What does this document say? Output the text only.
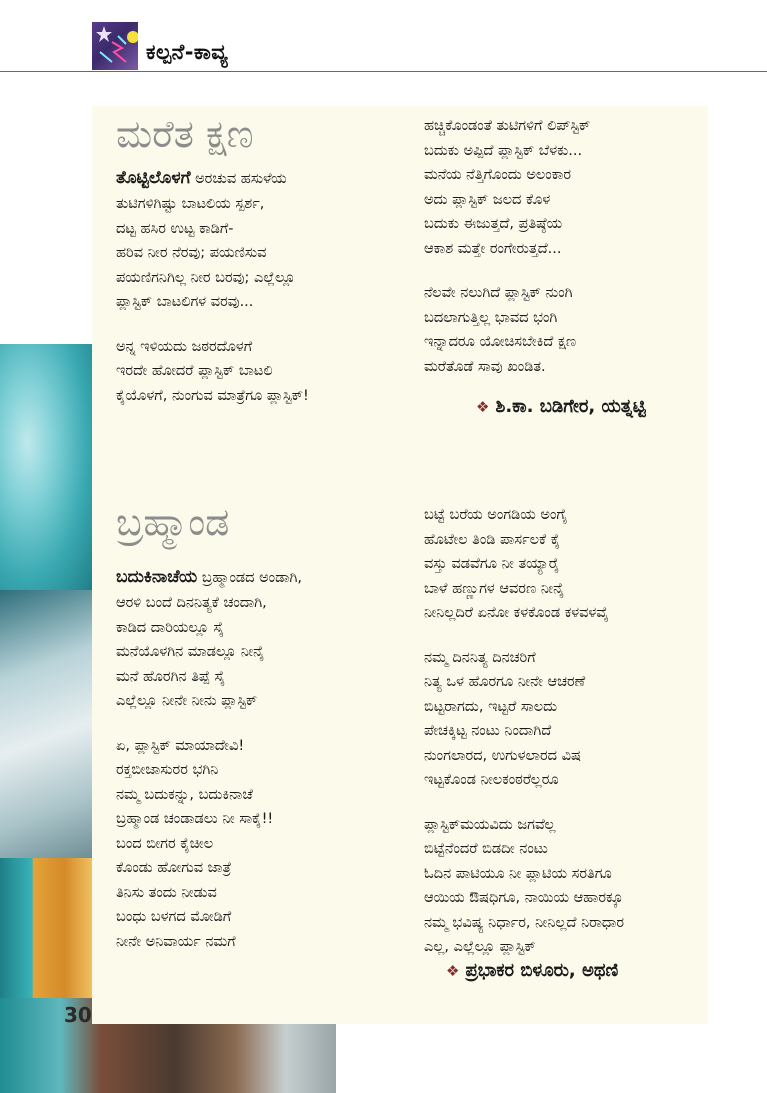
ಕಲ್ಪನೆ-ಕಾವ್ಯ
30
ಮರೆತ ಕ್ಷಣ
ತೊಟ್ಟಿಲೊಳಗೆ ಅರಚುವ ಹಸುಳೆಯ
ತುಟಿಗಳಿಗಿಷ್ಟು ಬಾಟಲಿಯ ಸ್ಪರ್ಶ,
ದಟ್ಟ ಹಸಿರ ಉಟ್ಟ ಕಾಡಿಗೆ-
ಹರಿವ ನೀರ ನೆರವು; ಪಯಣಿಸುವ
ಪಯಣಿಗನಿಗಿಲ್ಲ ನೀರ ಬರವು; ಎಲ್ಲೆಲ್ಲೂ
ಪ್ಲಾಸ್ಟಿಕ್ ಬಾಟಲಿಗಳ ವರವು...
ಅನ್ನ ಇಳಿಯದು ಜಠರದೊಳಗೆ
ಇರದೇ ಹೋದರೆ ಪ್ಲಾಸ್ಟಿಕ್ ಬಾಟಲಿ
ಕೈಯೊಳಗೆ, ನುಂಗುವ ಮಾತ್ರೆಗೂ ಪ್ಲಾಸ್ಟಿಕ್!
ಹಚ್ಚಿಕೊಂಡಂತೆ ತುಟಿಗಳಿಗೆ ಲಿಪ್‌ಸ್ಟಿಕ್
ಬದುಕು ಅಪ್ಪಿದೆ ಪ್ಲಾಸ್ಟಿಕ್ ಬೆಳಕು...
ಮನೆಯ ನೆತ್ತಿಗೊಂದು ಅಲಂಕಾರ
ಅದು ಪ್ಲಾಸ್ಟಿಕ್ ಜಲದ ಕೊಳ
ಬದುಕು ಈಜುತ್ತದೆ, ಪ್ರತಿಷ್ಠೆಯ
ಆಕಾಶ ಮತ್ತೇ ರಂಗೇರುತ್ತದೆ...
ನೆಲವೇ ನಲುಗಿದೆ ಪ್ಲಾಸ್ಟಿಕ್ ನುಂಗಿ
ಬದಲಾಗುತ್ತಿಲ್ಲ ಭಾವದ ಭಂಗಿ
ಇನ್ನಾದರೂ ಯೋಚಿಸಬೇಕಿದೆ ಕ್ಷಣ
ಮರೆತೊಡೆ ಸಾವು ಖಂಡಿತ.
❖ ಶಿ.ಕಾ. ಬಡಿಗೇರ, ಯತ್ನಟ್ಟಿ
ಬ್ರಹ್ಮಾಂಡ
ಬದುಕಿನಾಚೆಯ ಬ್ರಹ್ಮಾಂಡದ ಅಂಡಾಗಿ,
ಆರಳಿ ಬಂದೆ ದಿನನಿತ್ಯಕೆ ಚಂದಾಗಿ,
ಕಾಡಿದ ದಾರಿಯಲ್ಲೂ ಸೈ
ಮನೆಯೊಳಗಿನ ಮಾಡಲ್ಲೂ ನೀನೈ
ಮನೆ ಹೊರಗಿನ ತಿಪ್ಪೆ ಸೈ
ಎಲ್ಲೆಲ್ಲೂ ನೀನೇ ನೀನು ಪ್ಲಾಸ್ಟಿಕ್
ಏ, ಪ್ಲಾಸ್ಟಿಕ್ ಮಾಯಾದೇವಿ!
ರಕ್ತಬೀಜಾಸುರರ ಭಗಿನಿ
ನಮ್ಮ ಬದುಕನ್ನು, ಬದುಕಿನಾಚೆ
ಬ್ರಹ್ಮಾಂಡ ಚಂಡಾಡಲು ನೀ ಸಾಕೈ!!
ಬಂದ ಬೀಗರ ಕೈಚೀಲ
ಕೊಂಡು ಹೋಗುವ ಜಾತ್ರೆ
ತಿನಿಸು ತಂದು ನೀಡುವ
ಬಂಧು ಬಳಗದ ಮೋಡಿಗೆ
ನೀನೇ ಅನಿವಾರ್ಯ ನಮಗೆ
ಬಟ್ಟೆ ಬರೆಯ ಅಂಗಡಿಯ ಅಂಗೈ
ಹೊಟೇಲ ತಿಂಡಿ ಪಾರ್ಸಲಕೆ ಕೈ
ವಸ್ತು ವಡವೆಗೂ ನೀ ತಯ್ಯಾರೈ
ಬಾಳೆ ಹಣ್ಣುಗಳ ಆವರಣ ನೀನೈ
ನೀನಿಲ್ಲದಿರೆ ಏನೋ ಕಳಕೊಂಡ ಕಳವಳವೈ
ನಮ್ಮ ದಿನನಿತ್ಯ ದಿನಚರಿಗೆ
ನಿತ್ಯ ಒಳ ಹೊರಗೂ ನೀನೇ ಆಚರಣೆ
ಬಿಟ್ಟರಾಗದು, ಇಟ್ಟರೆ ಸಾಲದು
ಪೇಚಕ್ಕಿಟ್ಟ ನಂಟು ನಿಂದಾಗಿದೆ
ನುಂಗಲಾರದ, ಉಗುಳಲಾರದ ವಿಷ
ಇಟ್ಟಕೊಂಡ ನೀಲಕಂಠರೆಲ್ಲರೂ
ಪ್ಲಾಸ್ಟಿಕ್‌ಮಯವಿದು ಜಗವೆಲ್ಲ
ಬಿಟ್ಟೆನೆಂದರೆ ಬಿಡದೀ ನಂಟು
ಓದಿನ ಪಾಟಿಯೂ ನೀ ಪ್ಲಾಟಿಯ ಸರತಿಗೂ
ಆಯಿಯ ಔಷಧಿಗೂ, ನಾಯಿಯ ಆಹಾರಕ್ಕೂ
ನಮ್ಮ ಭವಿಷ್ಯ ನಿರ್ಧಾರ, ನೀನಿಲ್ಲದೆ ನಿರಾಧಾರ
ಎಲ್ಲ, ಎಲ್ಲೆಲ್ಲೂ ಪ್ಲಾಸ್ಟಿಕ್
❖ ಪ್ರಭಾಕರ ಬಿಳೂರು, ಅಥಣಿ
